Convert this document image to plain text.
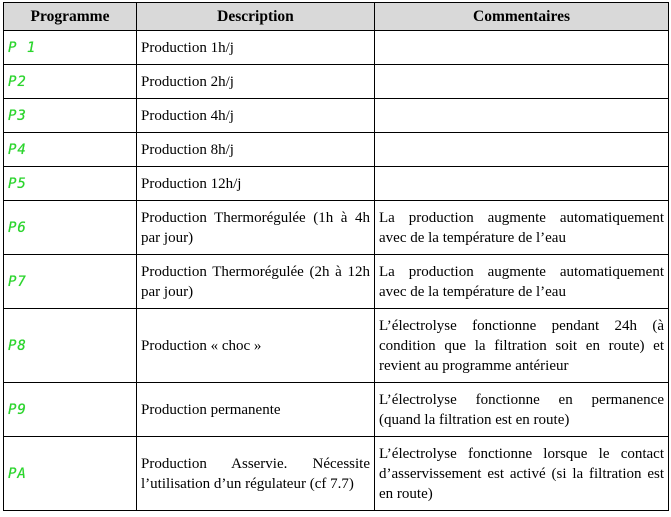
Programme	Description	Commentaires
P 1	Production 1h/j	
P2	Production 2h/j	
P3	Production 4h/j	
P4	Production 8h/j	
P5	Production 12h/j	
P6	Production Thermorégulée (1h à 4h par jour)	La production augmente automatiquement avec de la température de l’eau
P7	Production Thermorégulée (2h à 12h par jour)	La production augmente automatiquement avec de la température de l’eau
P8	Production « choc »	L’électrolyse fonctionne pendant 24h (à condition que la filtration soit en route) et revient au programme antérieur
P9	Production permanente	L’électrolyse fonctionne en permanence (quand la filtration est en route)
PA	Production Asservie. Nécessite l’utilisation d’un régulateur (cf 7.7)	L’électrolyse fonctionne lorsque le contact d’asservissement est activé (si la filtration est en route)
